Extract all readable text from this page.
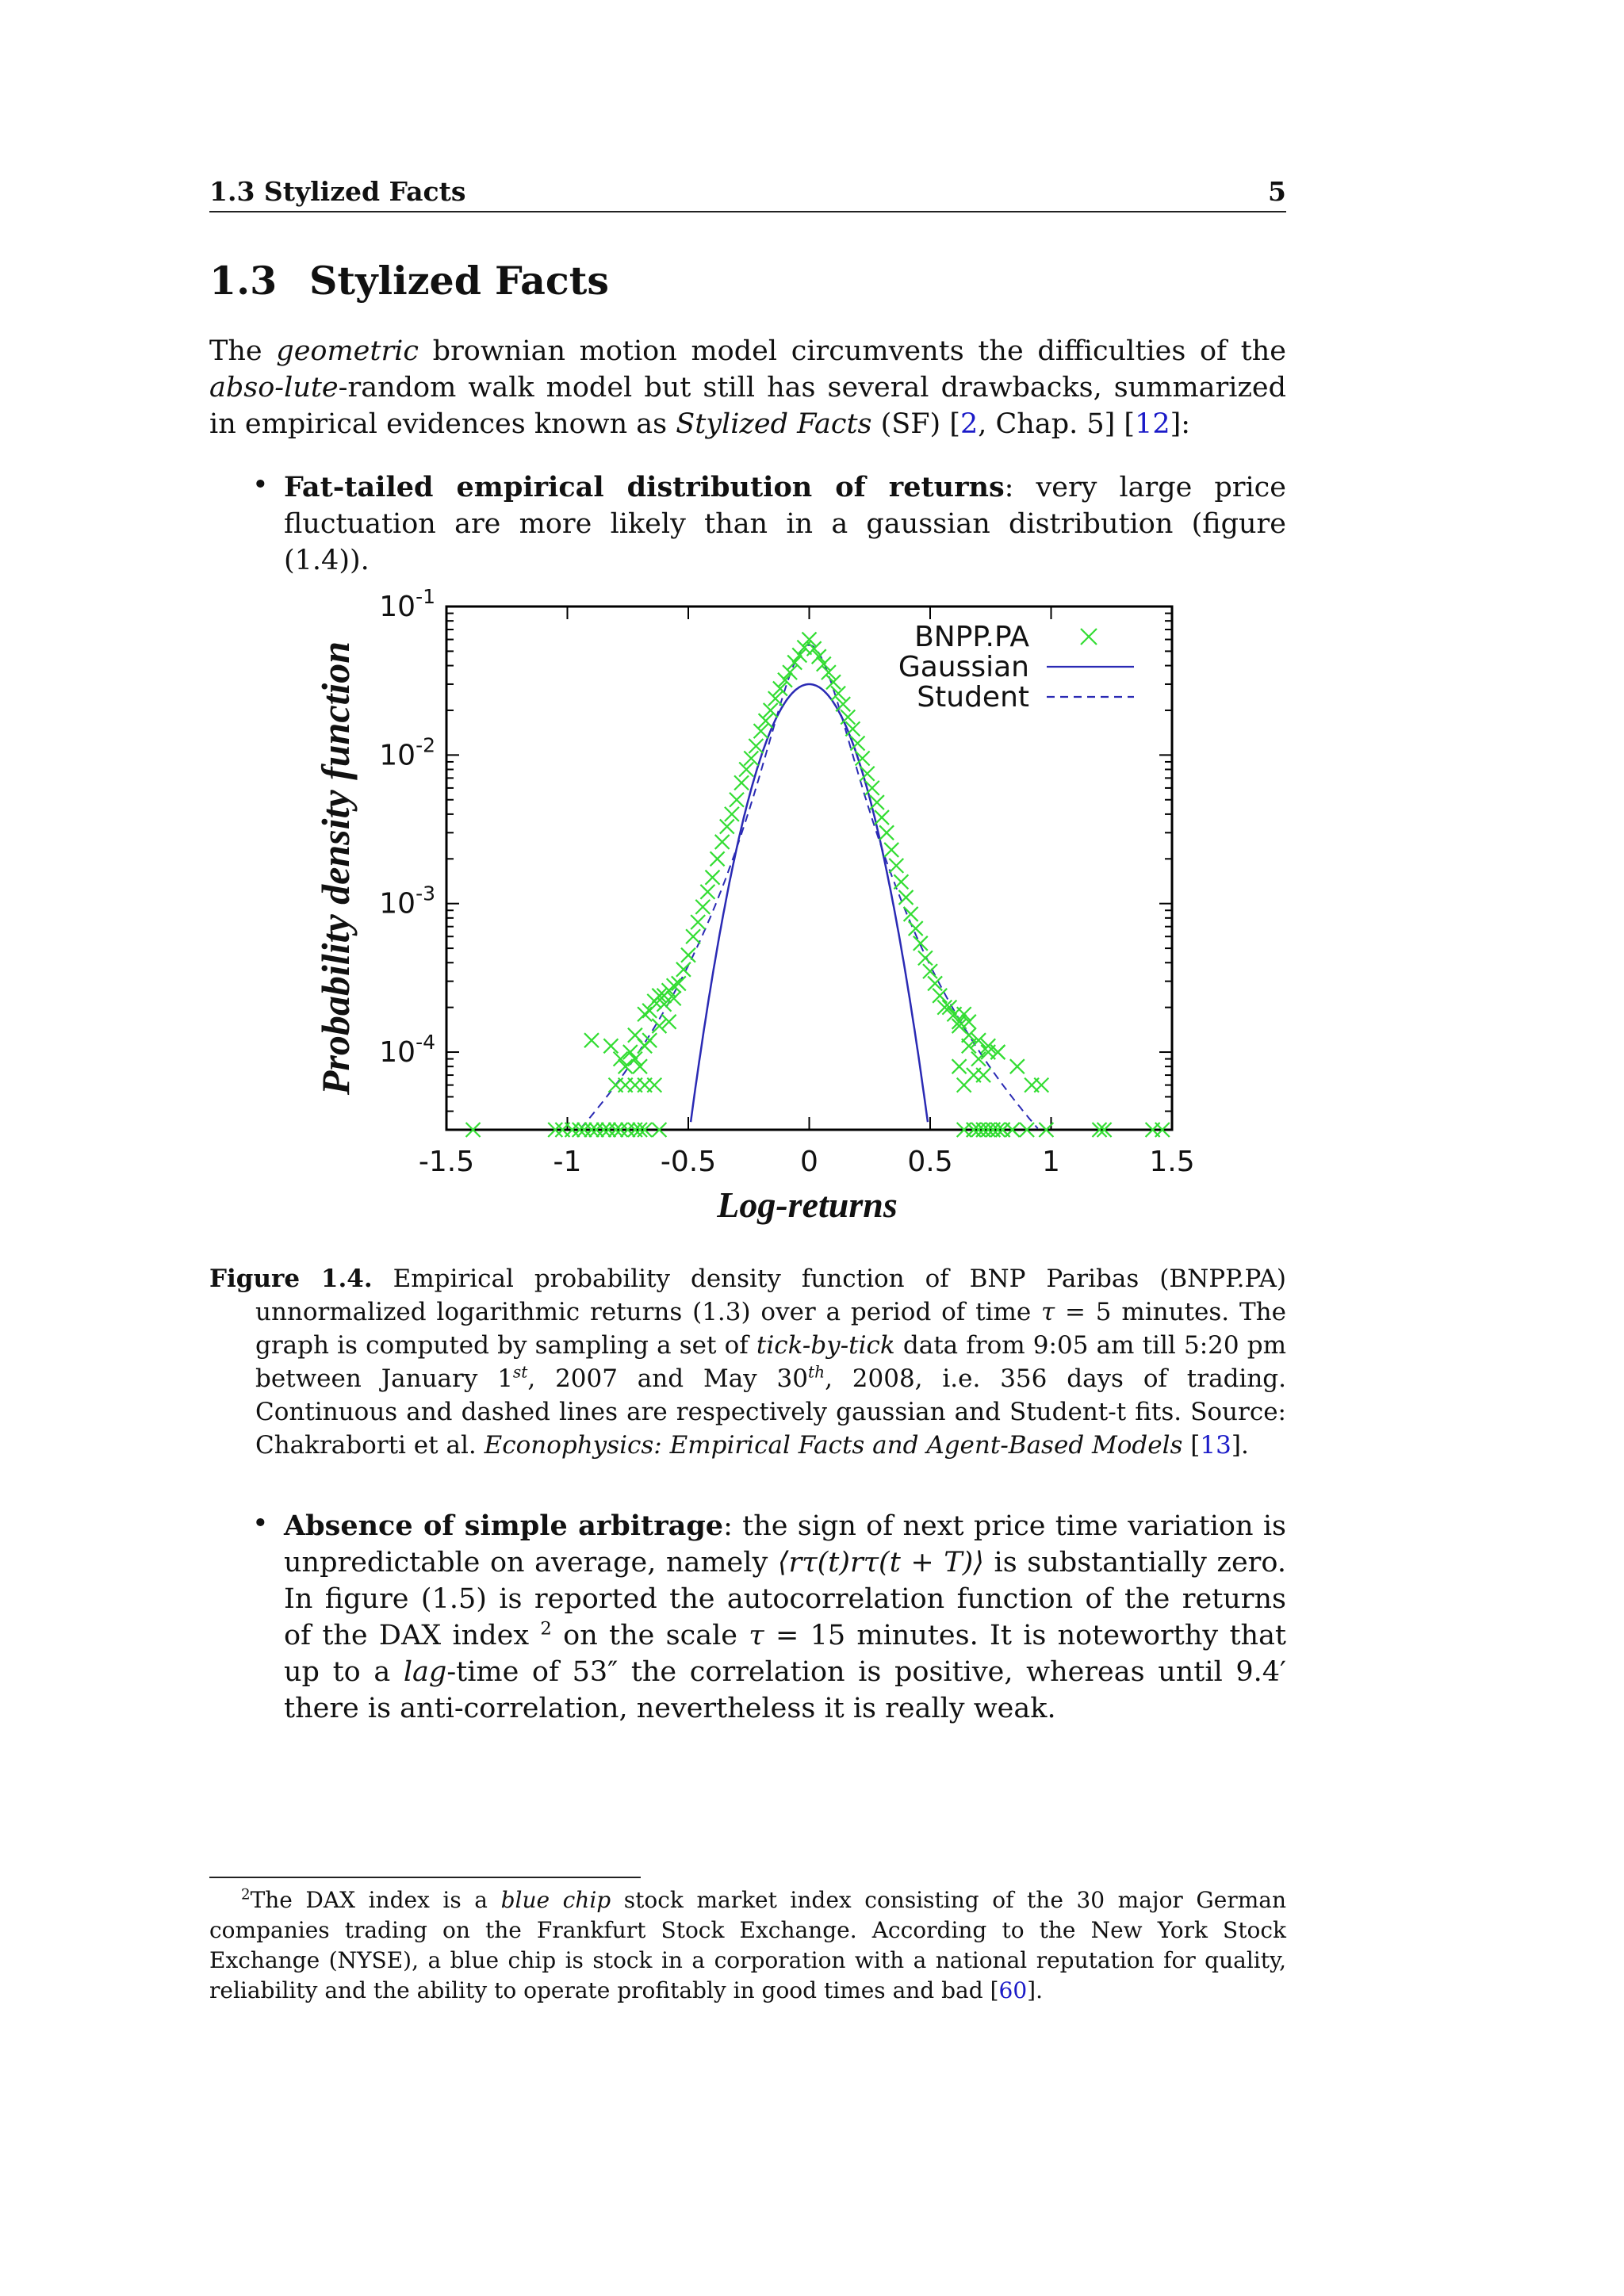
1.3 Stylized Facts	5
1.3 Stylized Facts
The geometric brownian motion model circumvents the difficulties of the abso-lute-random walk model but still has several drawbacks, summarized in empirical evidences known as Stylized Facts (SF) [2, Chap. 5] [12]:
• Fat-tailed empirical distribution of returns: very large price fluctuation are more likely than in a gaussian distribution (figure (1.4)).
-1.5	-1	-0.5	0	0.5	1	1.5
$10^{-1}$
$10^{-2}$
$10^{-3}$
$10^{-4}$
BNPP.PA
Gaussian
Student
Probability density function
Log-returns
Figure 1.4. Empirical probability density function of BNP Paribas (BNPP.PA) unnormalized logarithmic returns (1.3) over a period of time τ = 5 minutes. The graph is computed by sampling a set of tick-by-tick data from 9:05 am till 5:20 pm between January 1st, 2007 and May 30th, 2008, i.e. 356 days of trading. Continuous and dashed lines are respectively gaussian and Student-t fits. Source: Chakraborti et al. Econophysics: Empirical Facts and Agent-Based Models [13].
• Absence of simple arbitrage: the sign of next price time variation is unpredictable on average, namely ⟨rτ(t)rτ(t + T)⟩ is substantially zero. In figure (1.5) is reported the autocorrelation function of the returns of the DAX index $^2$ on the scale τ = 15 minutes. It is noteworthy that up to a lag-time of 53″ the correlation is positive, whereas until 9.4′ there is anti-correlation, nevertheless it is really weak.
$^2$The DAX index is a blue chip stock market index consisting of the 30 major German companies trading on the Frankfurt Stock Exchange. According to the New York Stock Exchange (NYSE), a blue chip is stock in a corporation with a national reputation for quality, reliability and the ability to operate profitably in good times and bad [60].
